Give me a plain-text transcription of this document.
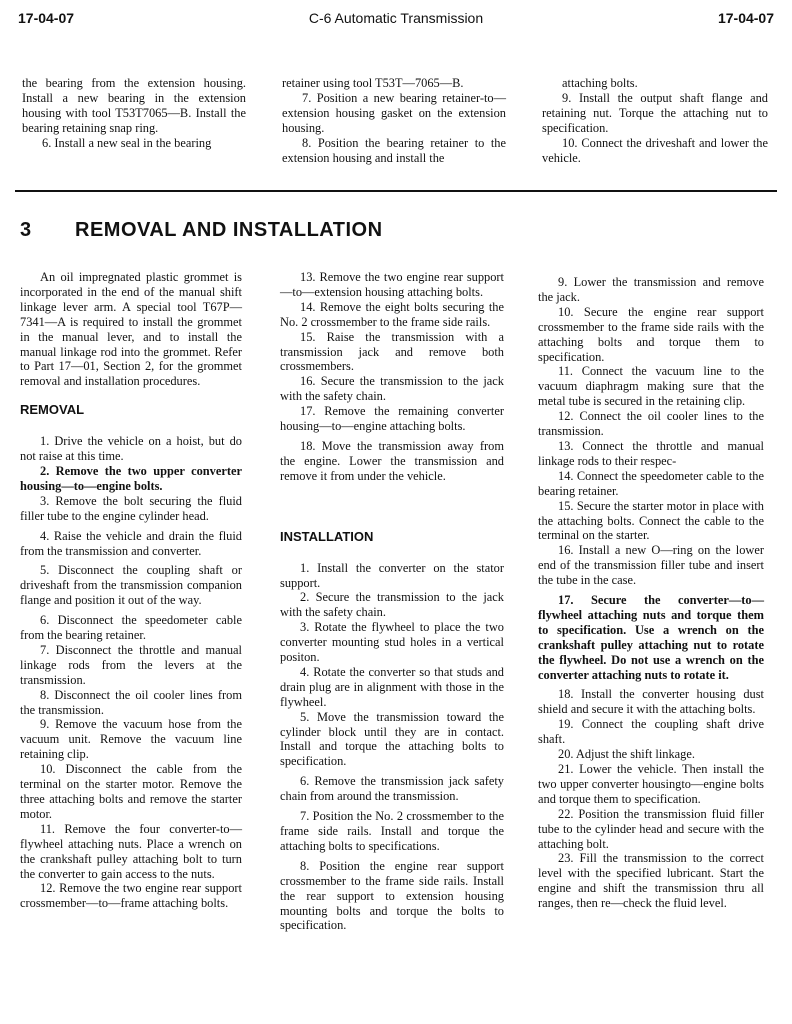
17-04-07	C-6 Automatic Transmission	17-04-07

the bearing from the extension housing. Install a new bearing in the extension housing with tool T53T7065—B. Install the bearing retaining snap ring.

6. Install a new seal in the bearing

retainer using tool T53T—7065—B.

7. Position a new bearing retainer-to—extension housing gasket on the extension housing.

8. Position the bearing retainer to the extension housing and install the

attaching bolts.

9. Install the output shaft flange and retaining nut. Torque the attaching nut to specification.

10. Connect the driveshaft and lower the vehicle.

3 REMOVAL AND INSTALLATION

An oil impregnated plastic grommet is incorporated in the end of the manual shift linkage lever arm. A special tool T67P—7341—A is required to install the grommet in the manual lever, and to install the manual linkage rod into the grommet. Refer to Part 17—01, Section 2, for the grommet removal and installation procedures.

REMOVAL

1. Drive the vehicle on a hoist, but do not raise at this time.

2. Remove the two upper converter housing—to—engine bolts.

3. Remove the bolt securing the fluid filler tube to the engine cylinder head.

4. Raise the vehicle and drain the fluid from the transmission and converter.

5. Disconnect the coupling shaft or driveshaft from the transmission companion flange and position it out of the way.

6. Disconnect the speedometer cable from the bearing retainer.

7. Disconnect the throttle and manual linkage rods from the levers at the transmission.

8. Disconnect the oil cooler lines from the transmission.

9. Remove the vacuum hose from the vacuum unit. Remove the vacuum line retaining clip.

10. Disconnect the cable from the terminal on the starter motor. Remove the three attaching bolts and remove the starter motor.

11. Remove the four converter-to—flywheel attaching nuts. Place a wrench on the crankshaft pulley attaching bolt to turn the converter to gain access to the nuts.

12. Remove the two engine rear support crossmember—to—frame attaching bolts.

13. Remove the two engine rear support—to—extension housing attaching bolts.

14. Remove the eight bolts securing the No. 2 crossmember to the frame side rails.

15. Raise the transmission with a transmission jack and remove both crossmembers.

16. Secure the transmission to the jack with the safety chain.

17. Remove the remaining converter housing—to—engine attaching bolts.

18. Move the transmission away from the engine. Lower the transmission and remove it from under the vehicle.

INSTALLATION

1. Install the converter on the stator support.

2. Secure the transmission to the jack with the safety chain.

3. Rotate the flywheel to place the two converter mounting stud holes in a vertical positon.

4. Rotate the converter so that studs and drain plug are in alignment with those in the flywheel.

5. Move the transmission toward the cylinder block until they are in contact. Install and torque the attaching bolts to specification.

6. Remove the transmission jack safety chain from around the transmission.

7. Position the No. 2 crossmember to the frame side rails. Install and torque the attaching bolts to specifications.

8. Position the engine rear support crossmember to the frame side rails. Install the rear support to extension housing mounting bolts and torque the bolts to specification.

9. Lower the transmission and remove the jack.

10. Secure the engine rear support crossmember to the frame side rails with the attaching bolts and torque them to specification.

11. Connect the vacuum line to the vacuum diaphragm making sure that the metal tube is secured in the retaining clip.

12. Connect the oil cooler lines to the transmission.

13. Connect the throttle and manual linkage rods to their respec-

14. Connect the speedometer cable to the bearing retainer.

15. Secure the starter motor in place with the attaching bolts. Connect the cable to the terminal on the starter.

16. Install a new O—ring on the lower end of the transmission filler tube and insert the tube in the case.

17. Secure the converter—to—flywheel attaching nuts and torque them to specification. Use a wrench on the crankshaft pulley attaching nut to rotate the flywheel. Do not use a wrench on the converter attaching nuts to rotate it.

18. Install the converter housing dust shield and secure it with the attaching bolts.

19. Connect the coupling shaft drive shaft.

20. Adjust the shift linkage.

21. Lower the vehicle. Then install the two upper converter housingto—engine bolts and torque them to specification.

22. Position the transmission fluid filler tube to the cylinder head and secure with the attaching bolt.

23. Fill the transmission to the correct level with the specified lubricant. Start the engine and shift the transmission thru all ranges, then re—check the fluid level.
